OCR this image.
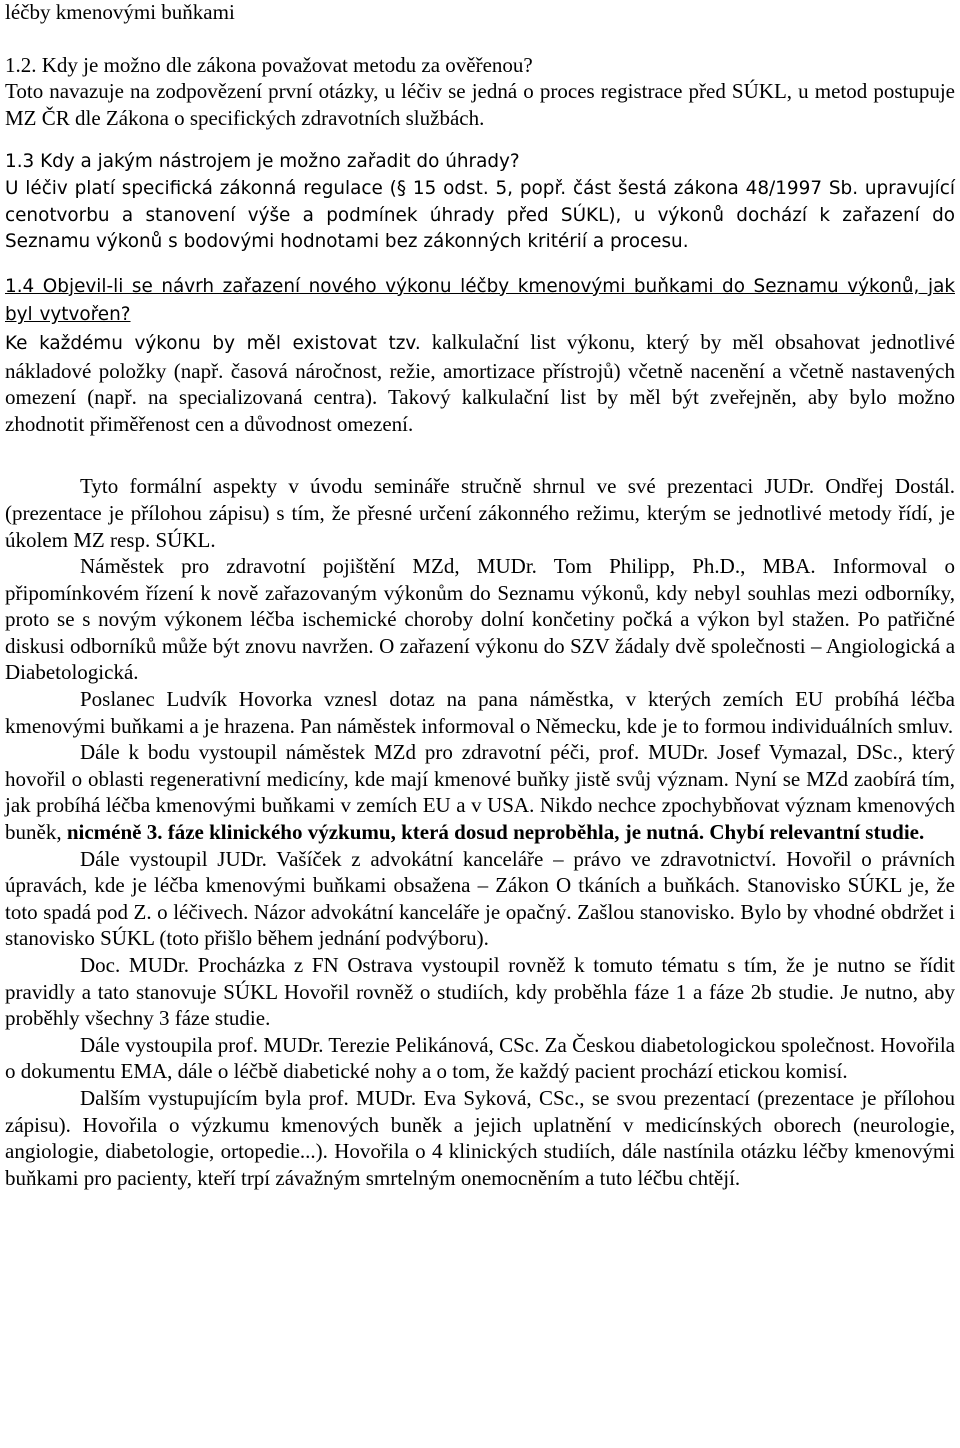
léčby kmenovými buňkami

1.2. Kdy je možno dle zákona považovat metodu za ověřenou?

Toto navazuje na zodpovězení první otázky, u léčiv se jedná o proces registrace před SÚKL, u metod postupuje MZ ČR dle Zákona o specifických zdravotních službách.

1.3 Kdy a jakým nástrojem je možno zařadit do úhrady?

U léčiv platí specifická zákonná regulace (§ 15 odst. 5, popř. část šestá zákona 48/1997 Sb. upravující cenotvorbu a stanovení výše a podmínek úhrady před SÚKL), u výkonů dochází k zařazení do Seznamu výkonů s bodovými hodnotami bez zákonných kritérií a procesu.

1.4 Objevil-li se návrh zařazení nového výkonu léčby kmenovými buňkami do Seznamu výkonů, jak byl vytvořen?

Ke každému výkonu by měl existovat tzv. kalkulační list výkonu, který by měl obsahovat jednotlivé nákladové položky (např. časová náročnost, režie, amortizace přístrojů) včetně nacenění a včetně nastavených omezení (např. na specializovaná centra). Takový kalkulační list by měl být zveřejněn, aby bylo možno zhodnotit přiměřenost cen a důvodnost omezení.

Tyto formální aspekty v úvodu semináře stručně shrnul ve své prezentaci JUDr. Ondřej Dostál. (prezentace je přílohou zápisu) s tím, že přesné určení zákonného režimu, kterým se jednotlivé metody řídí, je úkolem MZ resp. SÚKL.

Náměstek pro zdravotní pojištění MZd, MUDr. Tom Philipp, Ph.D., MBA. Informoval o připomínkovém řízení k nově zařazovaným výkonům do Seznamu výkonů, kdy nebyl souhlas mezi odborníky, proto se s novým výkonem léčba ischemické choroby dolní končetiny počká a výkon byl stažen. Po patřičné diskusi odborníků může být znovu navržen. O zařazení výkonu do SZV žádaly dvě společnosti – Angiologická a Diabetologická.

Poslanec Ludvík Hovorka vznesl dotaz na pana náměstka, v kterých zemích EU probíhá léčba kmenovými buňkami a je hrazena. Pan náměstek informoval o Německu, kde je to formou individuálních smluv.

Dále k bodu vystoupil náměstek MZd pro zdravotní péči, prof. MUDr. Josef Vymazal, DSc., který hovořil o oblasti regenerativní medicíny, kde mají kmenové buňky jistě svůj význam. Nyní se MZd zaobírá tím, jak probíhá léčba kmenovými buňkami v zemích EU a v USA. Nikdo nechce zpochybňovat význam kmenových buněk, nicméně 3. fáze klinického výzkumu, která dosud neproběhla, je nutná. Chybí relevantní studie.

Dále vystoupil JUDr. Vašíček z advokátní kanceláře – právo ve zdravotnictví. Hovořil o právních úpravách, kde je léčba kmenovými buňkami obsažena – Zákon O tkáních a buňkách. Stanovisko SÚKL je, že toto spadá pod Z. o léčivech. Názor advokátní kanceláře je opačný. Zašlou stanovisko. Bylo by vhodné obdržet i stanovisko SÚKL (toto přišlo během jednání podvýboru).

Doc. MUDr. Procházka z FN Ostrava vystoupil rovněž k tomuto tématu s tím, že je nutno se řídit pravidly a tato stanovuje SÚKL Hovořil rovněž o studiích, kdy proběhla fáze 1 a fáze 2b studie. Je nutno, aby proběhly všechny 3 fáze studie.

Dále vystoupila prof. MUDr. Terezie Pelikánová, CSc. Za Českou diabetologickou společnost. Hovořila o dokumentu EMA, dále o léčbě diabetické nohy a o tom, že každý pacient prochází etickou komisí.

Dalším vystupujícím byla prof. MUDr. Eva Syková, CSc., se svou prezentací (prezentace je přílohou zápisu). Hovořila o výzkumu kmenových buněk a jejich uplatnění v medicínských oborech (neurologie, angiologie, diabetologie, ortopedie...). Hovořila o 4 klinických studiích, dále nastínila otázku léčby kmenovými buňkami pro pacienty, kteří trpí závažným smrtelným onemocněním a tuto léčbu chtějí.
